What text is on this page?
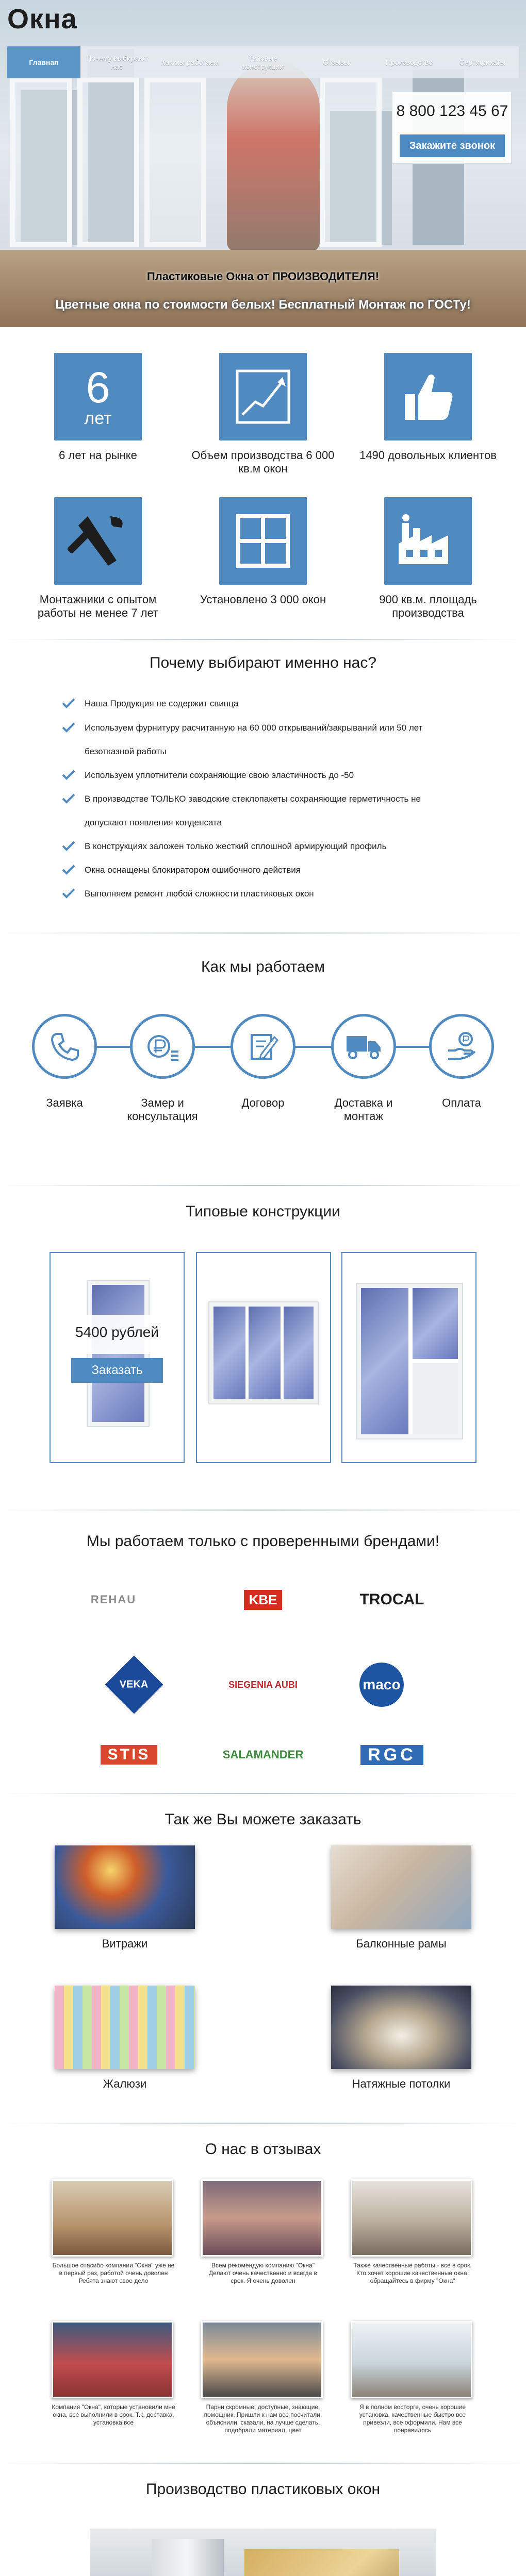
Окна
Главная	Почему выбирают нас	Как мы работаем	Типовые конструкции	Отзывы	Производство	Сертификаты
8 800 123 45 67
Закажите звонок
Пластиковые Окна от ПРОИЗВОДИТЕЛЯ!
Цветные окна по стоимости белых! Бесплатный Монтаж по ГОСТу!
6
лет
6 лет на рынке	Объем производства 6 000 кв.м окон
1490 довольных клиентов
Монтажники с опытом работы не менее 7 лет
Установлено 3 000 окон	900 кв.м. площадь производства
Почему выбирают именно нас?
Наша Продукция не содержит свинца
Используем фурнитуру расчитанную на 60 000 открываний/закрываний или 50 лет
безотказной работы
Используем уплотнители сохраняющие свою эластичность до -50
В производстве ТОЛЬКО заводские стеклопакеты сохраняющие герметичность не
допускают появления конденсата
В конструкциях заложен только жесткий сплошной армирующий профиль
Окна оснащены блокиратором ошибочного действия
Выполняем ремонт любой сложности пластиковых окон
Как мы работаем
Заявка	Замер и консультация
Договор	Доставка и монтаж
Оплата
Типовые конструкции
5400 рублей
Заказать
Мы работаем только с проверенными брендами!
REHAU	KBE	TROCAL
VEKA	SIEGENIA AUBI	maco
STIS	SALAMANDER	RGC
Так же Вы можете заказать
Витражи	Балконные рамы
Жалюзи	Натяжные потолки
О нас в отзывах
Большое спасибо компании "Окна" уже не в первый раз, работой очень доволен Ребята знают свое дело
Всем рекомендую компанию "Окна" Делают очень качественно и всегда в срок. Я очень доволен
Также качественные работы - все в срок. Кто хочет хорошие качественные окна, обращайтесь в фирму "Окна"
Компания "Окна", которые установили мне окна, все выполнили в срок. Т.к. доставка, установка все
Парни скромные, доступные, знающие, помощник. Пришли к нам все посчитали, объяснили, сказали, на лучше сделать, подобрали материал, цвет
Я в полном восторге, очень хорошие установка, качественные быстро все привезли, все оформили. Нам все понравилось
Производство пластиковых окон
